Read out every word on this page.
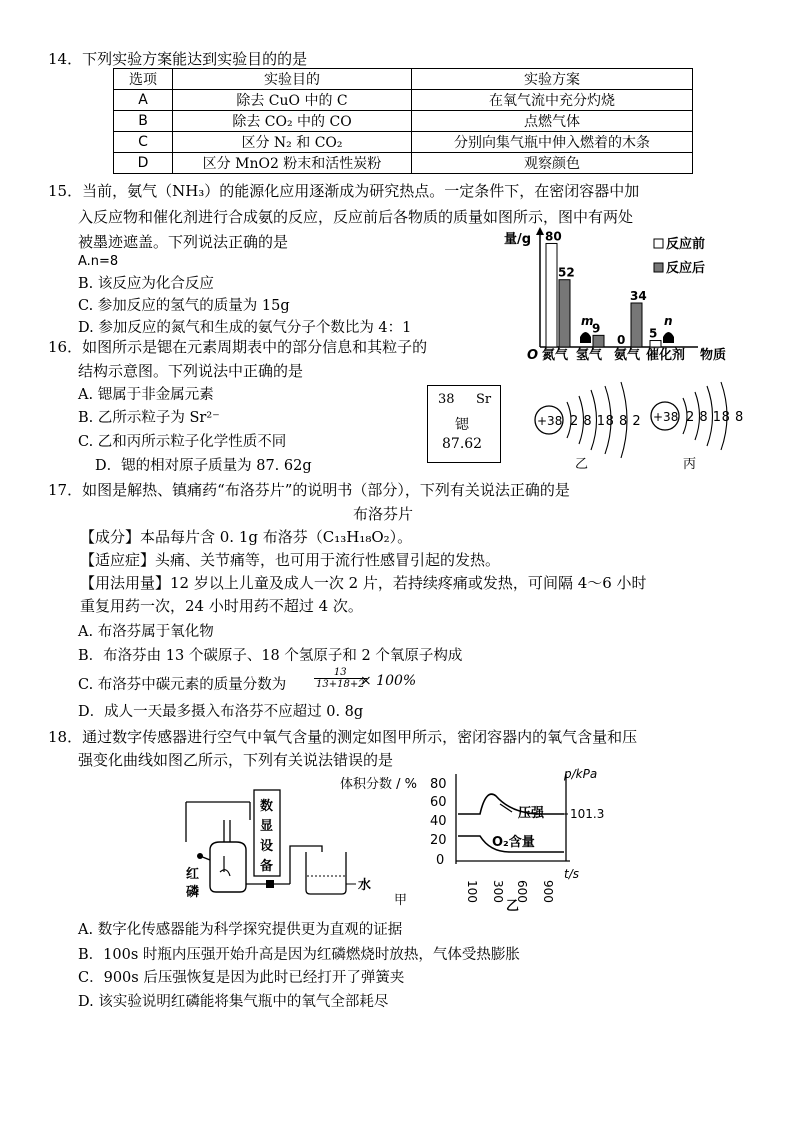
14．下列实验方案能达到实验目的的是
选项	实验目的	实验方案
A	除去 CuO 中的 C	在氧气流中充分灼烧
B	除去 CO₂ 中的 CO	点燃气体
C	区分 N₂ 和 CO₂	分别向集气瓶中伸入燃着的木条
D	区分 MnO2 粉末和活性炭粉	观察颜色
15．当前，氨气（NH₃）的能源化应用逐渐成为研究热点。一定条件下，在密闭容器中加
入反应物和催化剂进行合成氨的反应，反应前后各物质的质量如图所示，图中有两处
被墨迹遮盖。下列说法正确的是
A.n=8
B. 该反应为化合反应
C. 参加反应的氢气的质量为 15g
D. 参加反应的氮气和生成的氨气分子个数比为 4：1
量/g
O	物质
氮气
80
52
氢气
m
9
氨气
0
34
催化剂
5
n
反应前
反应后
16．如图所示是锶在元素周期表中的部分信息和其粒子的
结构示意图。下列说法中正确的是
A. 锶属于非金属元素
B. 乙所示粒子为 Sr²⁻
C. 乙和丙所示粒子化学性质不同
D．锶的相对原子质量为 87. 62g
38 Sr
锶
87.62
+38 2 8 18 8 2
乙
+38 2 8 18 8
丙
17．如图是解热、镇痛药“布洛芬片”的说明书（部分），下列有关说法正确的是
布洛芬片
【成分】本品每片含 0. 1g 布洛芬（C₁₃H₁₈O₂）。
【适应症】头痛、关节痛等，也可用于流行性感冒引起的发热。
【用法用量】12 岁以上儿童及成人一次 2 片，若持续疼痛或发热，可间隔 4～6 小时
重复用药一次，24 小时用药不超过 4 次。
A. 布洛芬属于氧化物
B．布洛芬由 13 个碳原子、18 个氢原子和 2 个氧原子构成
C. 布洛芬中碳元素的质量分数为	$\frac{13}{13+18+2}$
× 100%
D．成人一天最多摄入布洛芬不应超过 0. 8g
18．通过数字传感器进行空气中氧气含量的测定如图甲所示，密闭容器内的氧气含量和压
强变化曲线如图乙所示，下列有关说法错误的是
数
显
设
备
红
磷	水
甲
体积分数 / % 80
60
40
20
0
p/kPa
101.3
压强
O₂含量
100 300 600 900
t/s
乙
A. 数字化传感器能为科学探究提供更为直观的证据
B．100s 时瓶内压强开始升高是因为红磷燃烧时放热，气体受热膨胀
C．900s 后压强恢复是因为此时已经打开了弹簧夹
D. 该实验说明红磷能将集气瓶中的氧气全部耗尽
